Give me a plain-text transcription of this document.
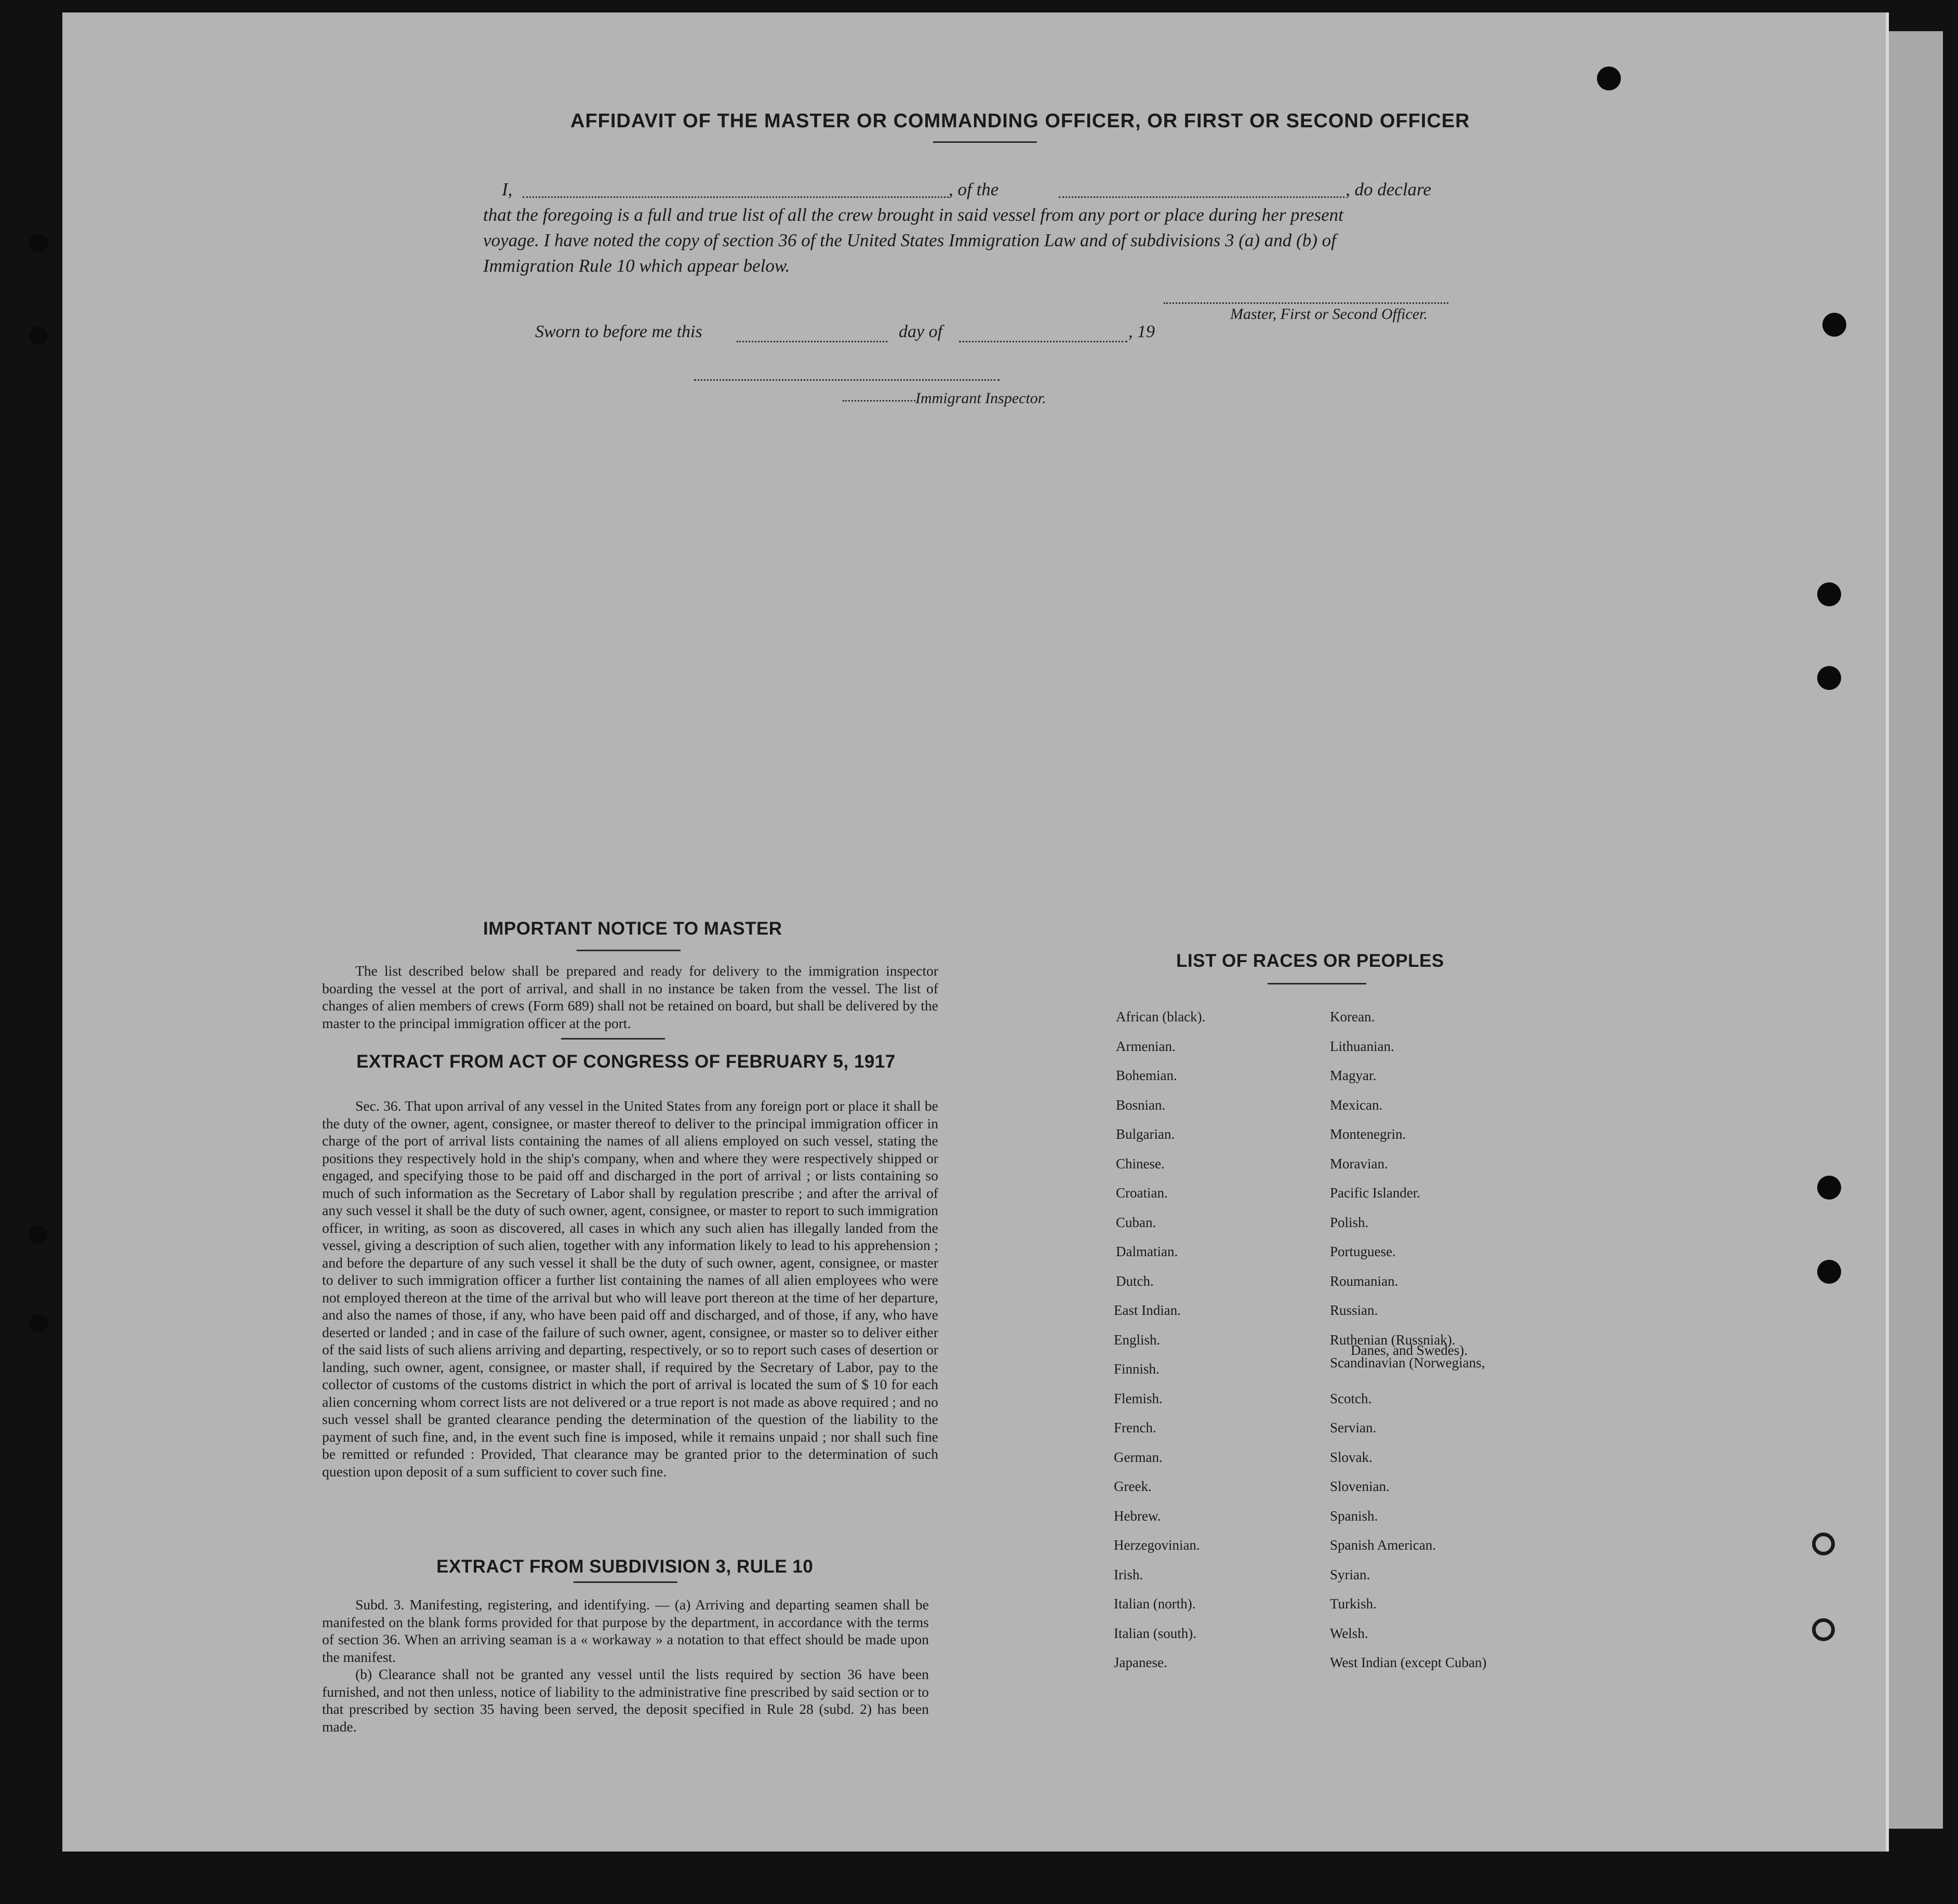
AFFIDAVIT OF THE MASTER OR COMMANDING OFFICER, OR FIRST OR SECOND OFFICER
I,	, of the	, do declare
that the foregoing is a full and true list of all the crew brought in said vessel from any port or place during her present
voyage. I have noted the copy of section 36 of the United States Immigration Law and of subdivisions 3 (a) and (b) of
Immigration Rule 10 which appear below.
Master, First or Second Officer.
Sworn to before me this	day of	, 19
Immigrant Inspector.
IMPORTANT NOTICE TO MASTER
The list described below shall be prepared and ready for delivery to the immigration inspector boarding the vessel at the port of arrival, and shall in no instance be taken from the vessel. The list of changes of alien members of crews (Form 689) shall not be retained on board, but shall be delivered by the master to the principal immigration officer at the port.
EXTRACT FROM ACT OF CONGRESS OF FEBRUARY 5, 1917
Sec. 36. That upon arrival of any vessel in the United States from any foreign port or place it shall be the duty of the owner, agent, consignee, or master thereof to deliver to the principal immigration officer in charge of the port of arrival lists containing the names of all aliens employed on such vessel, stating the positions they respectively hold in the ship's company, when and where they were respectively shipped or engaged, and specifying those to be paid off and discharged in the port of arrival ; or lists containing so much of such information as the Secretary of Labor shall by regulation prescribe ; and after the arrival of any such vessel it shall be the duty of such owner, agent, consignee, or master to report to such immigration officer, in writing, as soon as discovered, all cases in which any such alien has illegally landed from the vessel, giving a description of such alien, together with any information likely to lead to his apprehension ; and before the departure of any such vessel it shall be the duty of such owner, agent, consignee, or master to deliver to such immigration officer a further list containing the names of all alien employees who were not employed thereon at the time of the arrival but who will leave port thereon at the time of her departure, and also the names of those, if any, who have been paid off and discharged, and of those, if any, who have deserted or landed ; and in case of the failure of such owner, agent, consignee, or master so to deliver either of the said lists of such aliens arriving and departing, respectively, or so to report such cases of desertion or landing, such owner, agent, consignee, or master shall, if required by the Secretary of Labor, pay to the collector of customs of the customs district in which the port of arrival is located the sum of $ 10 for each alien concerning whom correct lists are not delivered or a true report is not made as above required ; and no such vessel shall be granted clearance pending the determination of the question of the liability to the payment of such fine, and, in the event such fine is imposed, while it remains unpaid ; nor shall such fine be remitted or refunded : Provided, That clearance may be granted prior to the determination of such question upon deposit of a sum sufficient to cover such fine.
EXTRACT FROM SUBDIVISION 3, RULE 10
Subd. 3. Manifesting, registering, and identifying. — (a) Arriving and departing seamen shall be manifested on the blank forms provided for that purpose by the department, in accordance with the terms of section 36. When an arriving seaman is a « workaway » a notation to that effect should be made upon the manifest.
(b) Clearance shall not be granted any vessel until the lists required by section 36 have been furnished, and not then unless, notice of liability to the administrative fine prescribed by said section or to that prescribed by section 35 having been served, the deposit specified in Rule 28 (subd. 2) has been made.
LIST OF RACES OR PEOPLES
African (black).
Armenian.
Bohemian.
Bosnian.
Bulgarian.
Chinese.
Croatian.
Cuban.
Dalmatian.
Dutch.
East Indian.
English.
Finnish.
Flemish.
French.
German.
Greek.
Hebrew.
Herzegovinian.
Irish.
Italian (north).
Italian (south).
Japanese.
Korean.
Lithuanian.
Magyar.
Mexican.
Montenegrin.
Moravian.
Pacific Islander.
Polish.
Portuguese.
Roumanian.
Russian.
Ruthenian (Russniak).
Scandinavian (Norwegians,
Danes, and Swedes).
Scotch.
Servian.
Slovak.
Slovenian.
Spanish.
Spanish American.
Syrian.
Turkish.
Welsh.
West Indian (except Cuban)
